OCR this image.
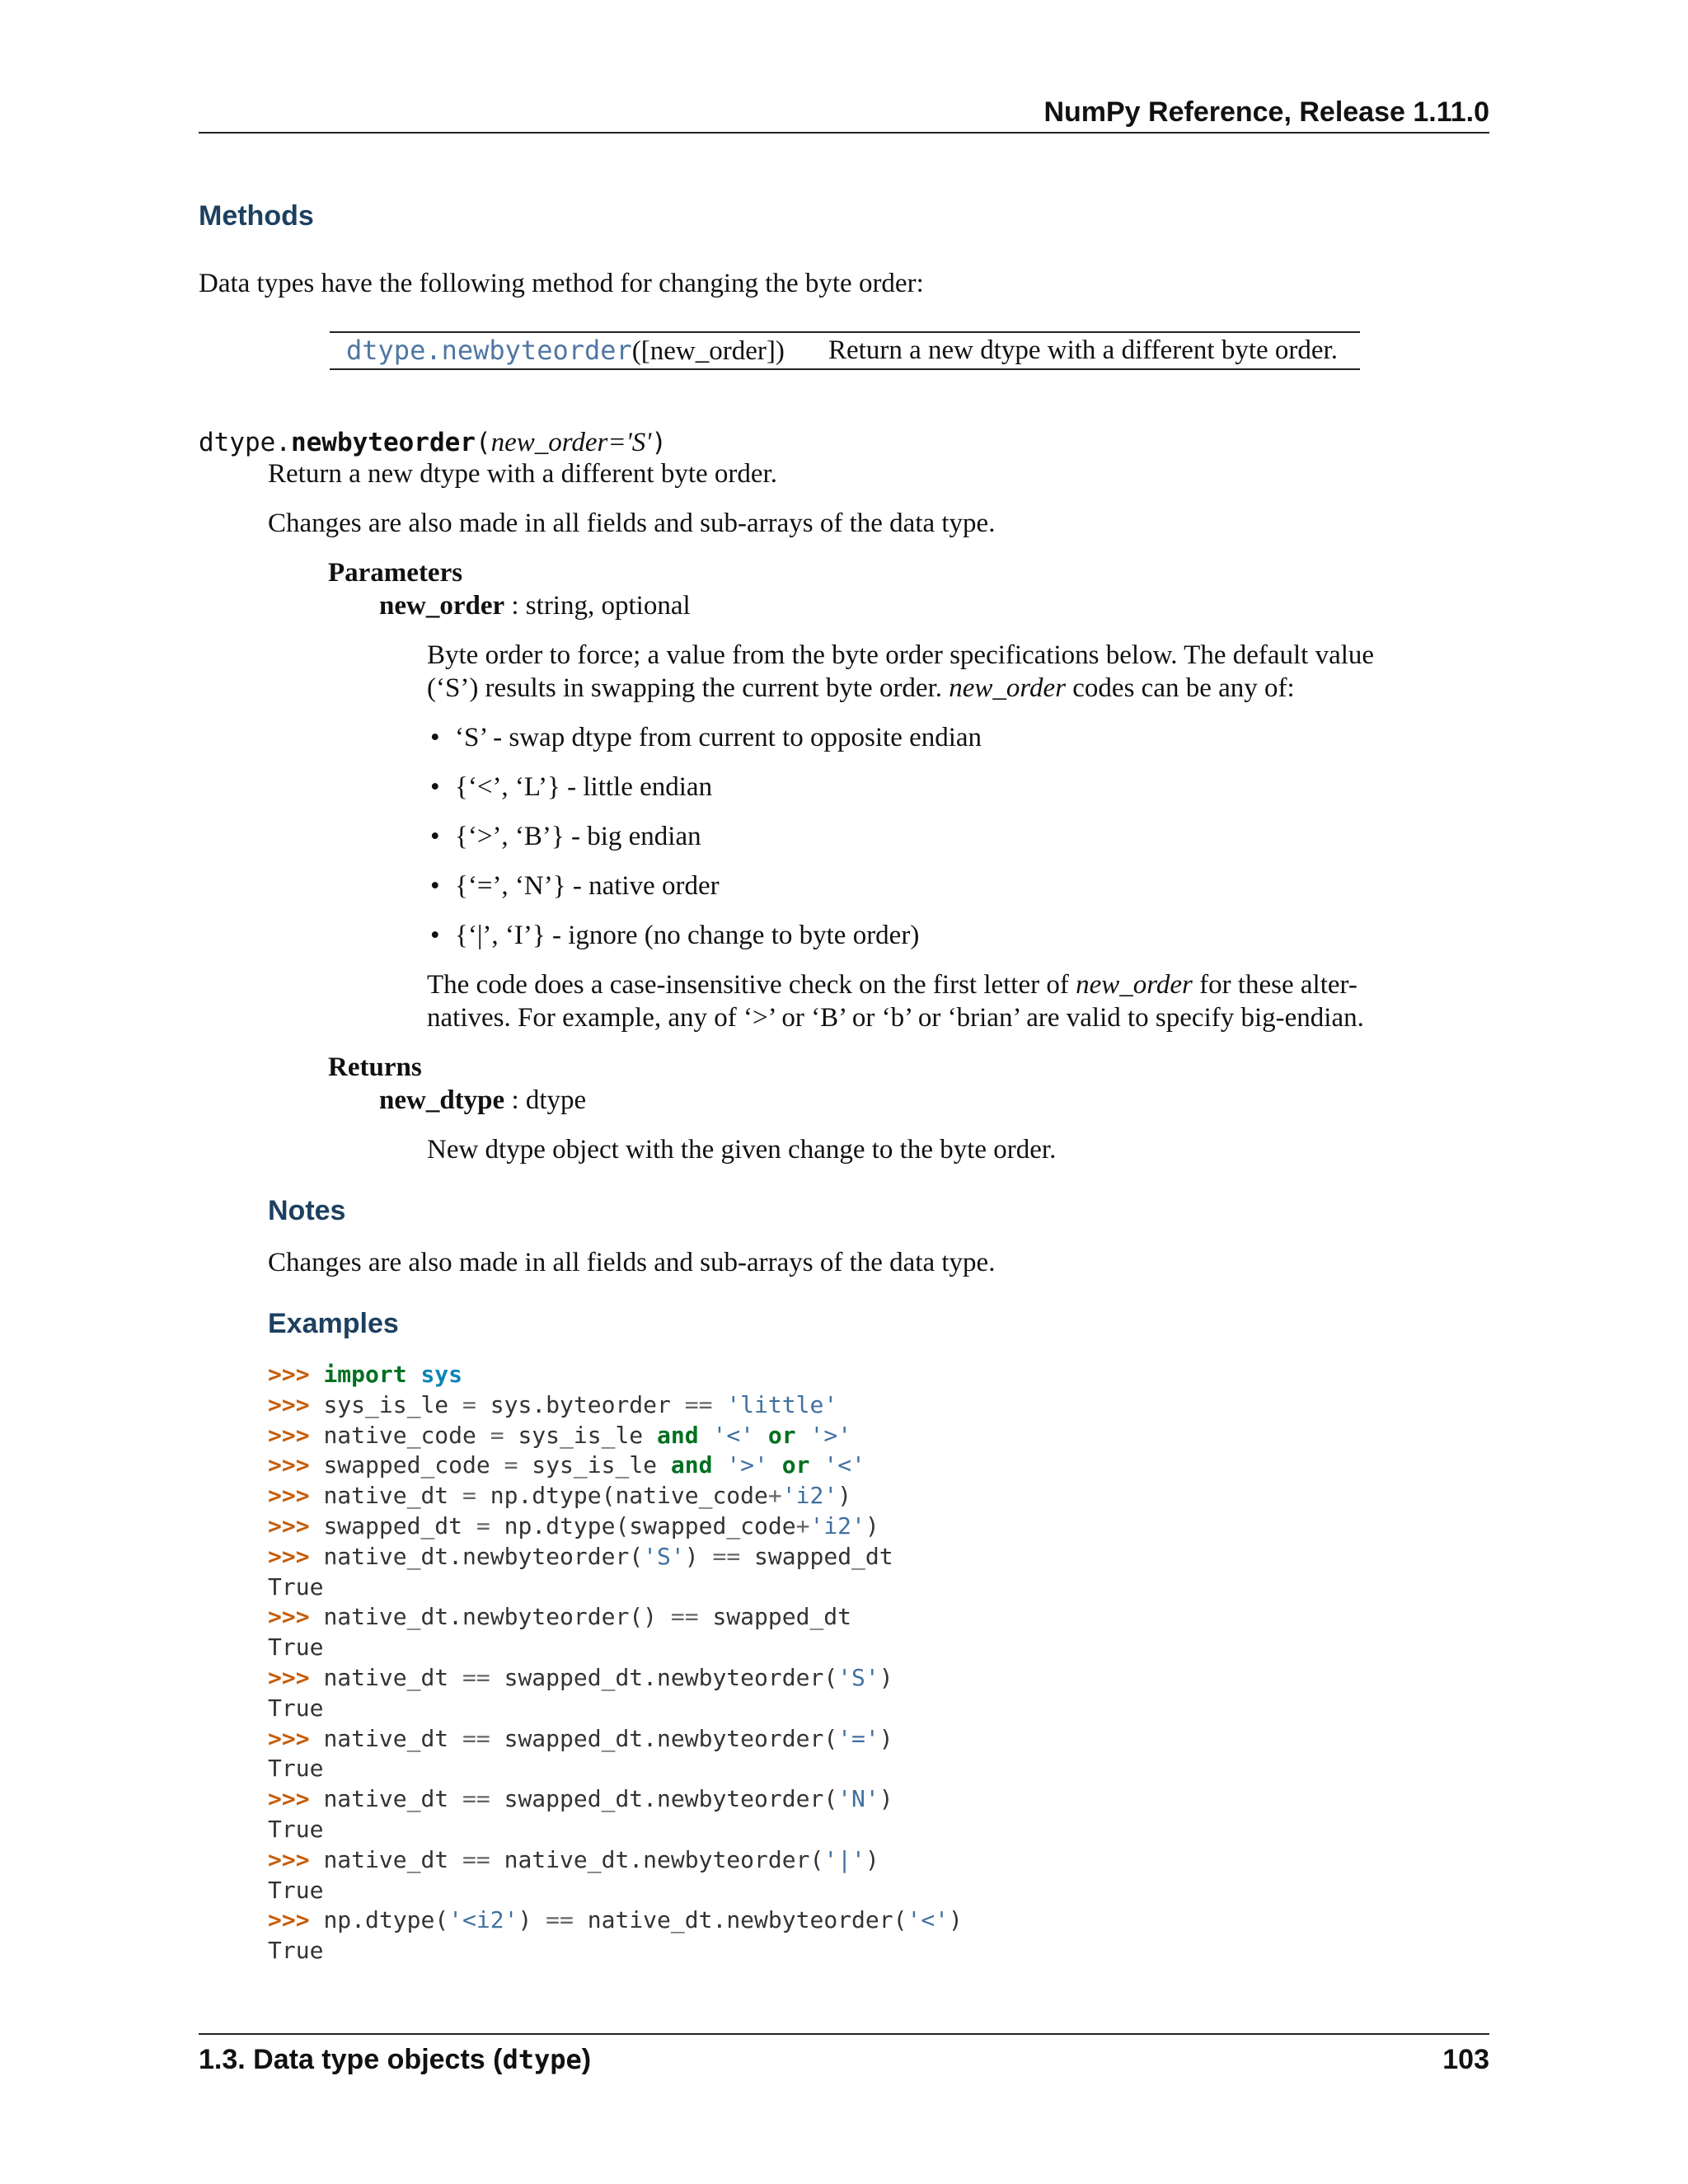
NumPy Reference, Release 1.11.0
Methods
Data types have the following method for changing the byte order:
dtype.newbyteorder([new_order]) Return a new dtype with a different byte order.
dtype.newbyteorder(new_order='S')
Return a new dtype with a different byte order.
Changes are also made in all fields and sub-arrays of the data type.
Parameters
new_order : string, optional
Byte order to force; a value from the byte order specifications below. The default value
(‘S’) results in swapping the current byte order. new_order codes can be any of:
• ‘S’ - swap dtype from current to opposite endian
• {‘<’, ‘L’} - little endian
• {‘>’, ‘B’} - big endian
• {‘=’, ‘N’} - native order
• {‘|’, ‘I’} - ignore (no change to byte order)
The code does a case-insensitive check on the first letter of new_order for these alter-
natives. For example, any of ‘>’ or ‘B’ or ‘b’ or ‘brian’ are valid to specify big-endian.
Returns
new_dtype : dtype
New dtype object with the given change to the byte order.
Notes
Changes are also made in all fields and sub-arrays of the data type.
Examples
>>> import sys
>>> sys_is_le = sys.byteorder == 'little'
>>> native_code = sys_is_le and '<' or '>'
>>> swapped_code = sys_is_le and '>' or '<'
>>> native_dt = np.dtype(native_code+'i2')
>>> swapped_dt = np.dtype(swapped_code+'i2')
>>> native_dt.newbyteorder('S') == swapped_dt
True
>>> native_dt.newbyteorder() == swapped_dt
True
>>> native_dt == swapped_dt.newbyteorder('S')
True
>>> native_dt == swapped_dt.newbyteorder('=')
True
>>> native_dt == swapped_dt.newbyteorder('N')
True
>>> native_dt == native_dt.newbyteorder('|')
True
>>> np.dtype('<i2') == native_dt.newbyteorder('<')
True
1.3. Data type objects (dtype)	103
